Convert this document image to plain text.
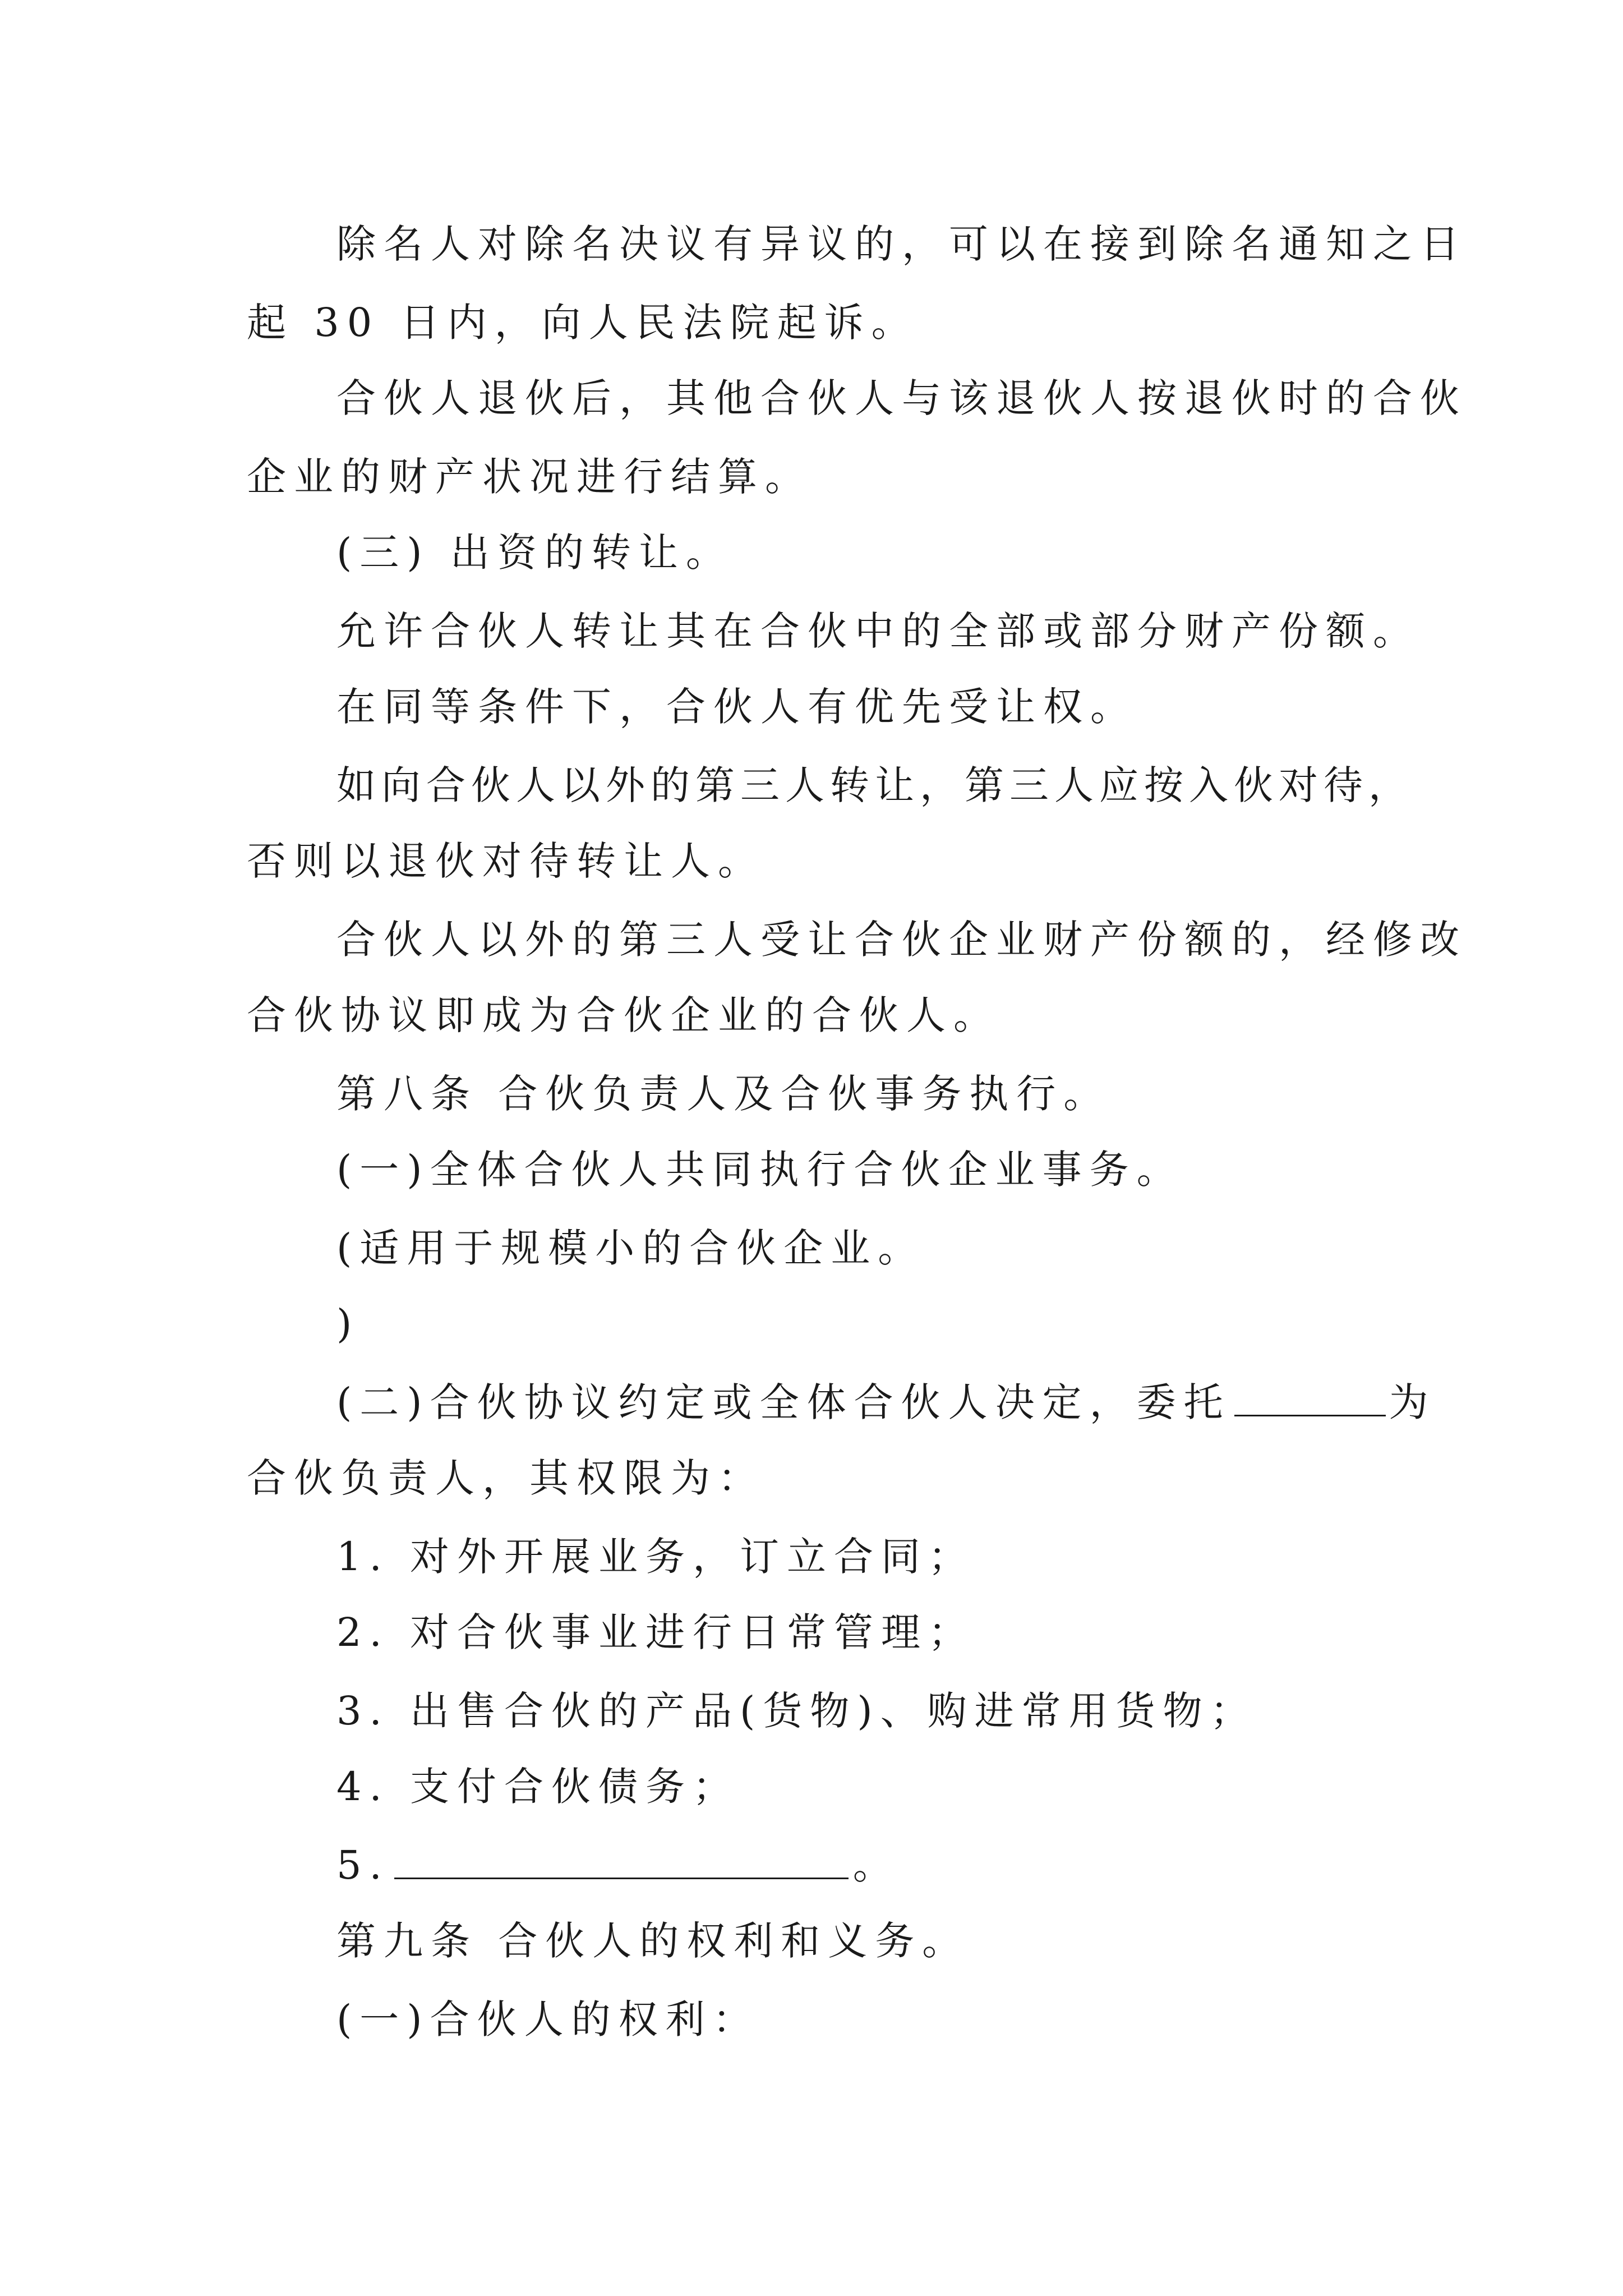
除名人对除名决议有异议的，可以在接到除名通知之日
起 30 日内，向人民法院起诉。
合伙人退伙后，其他合伙人与该退伙人按退伙时的合伙
企业的财产状况进行结算。
(三) 出资的转让。
允许合伙人转让其在合伙中的全部或部分财产份额。
在同等条件下，合伙人有优先受让权。
如向合伙人以外的第三人转让，第三人应按入伙对待，
否则以退伙对待转让人。
合伙人以外的第三人受让合伙企业财产份额的，经修改
合伙协议即成为合伙企业的合伙人。
第八条 合伙负责人及合伙事务执行。
(一)全体合伙人共同执行合伙企业事务。
(适用于规模小的合伙企业。
)
(二)合伙协议约定或全体合伙人决定，委托	为
合伙负责人，其权限为：
1. 对外开展业务，订立合同；
2. 对合伙事业进行日常管理；
3. 出售合伙的产品(货物)、购进常用货物；
4. 支付合伙债务；
5.	。
第九条 合伙人的权利和义务。
(一)合伙人的权利：
